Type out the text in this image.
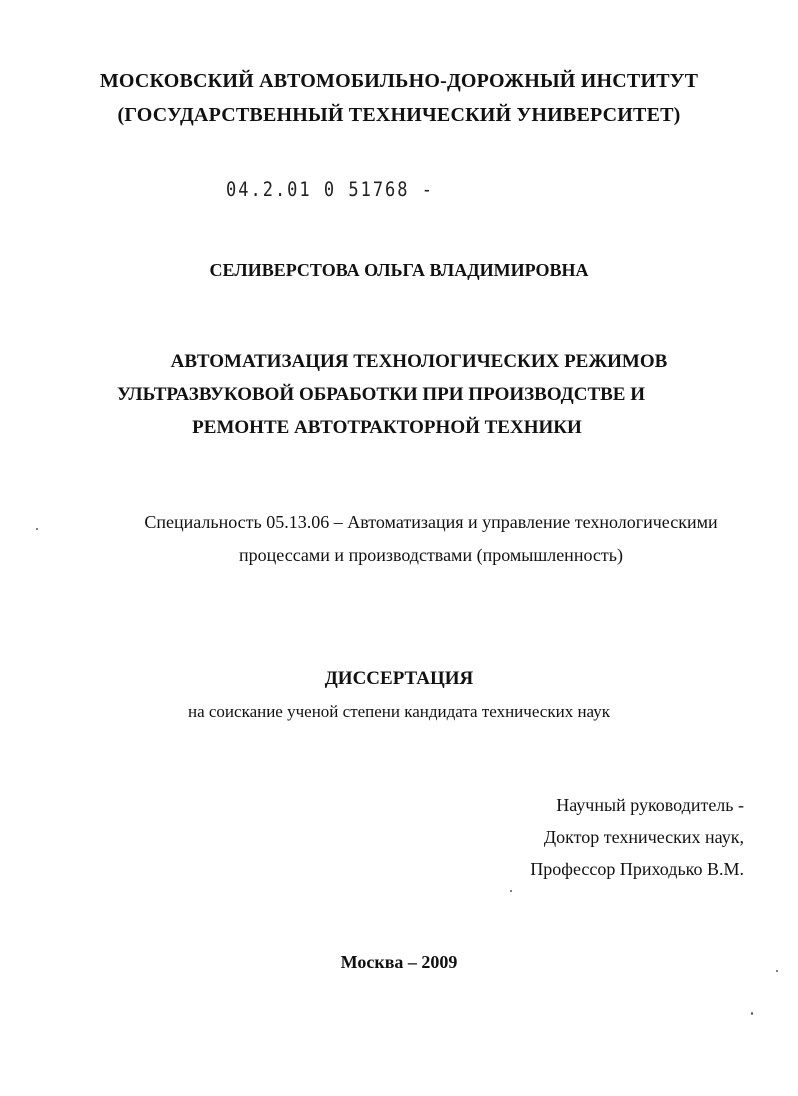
МОСКОВСКИЙ АВТОМОБИЛЬНО-ДОРОЖНЫЙ ИНСТИТУТ
(ГОСУДАРСТВЕННЫЙ ТЕХНИЧЕСКИЙ УНИВЕРСИТЕТ)
04.2.01 0 51768 -
СЕЛИВЕРСТОВА ОЛЬГА ВЛАДИМИРОВНА
АВТОМАТИЗАЦИЯ ТЕХНОЛОГИЧЕСКИХ РЕЖИМОВ
УЛЬТРАЗВУКОВОЙ ОБРАБОТКИ ПРИ ПРОИЗВОДСТВЕ И
РЕМОНТЕ АВТОТРАКТОРНОЙ ТЕХНИКИ
Специальность 05.13.06 – Автоматизация и управление технологическими
процессами и производствами (промышленность)
ДИССЕРТАЦИЯ
на соискание ученой степени кандидата технических наук
Научный руководитель -
Доктор технических наук,
Профессор Приходько В.М.
Москва – 2009
